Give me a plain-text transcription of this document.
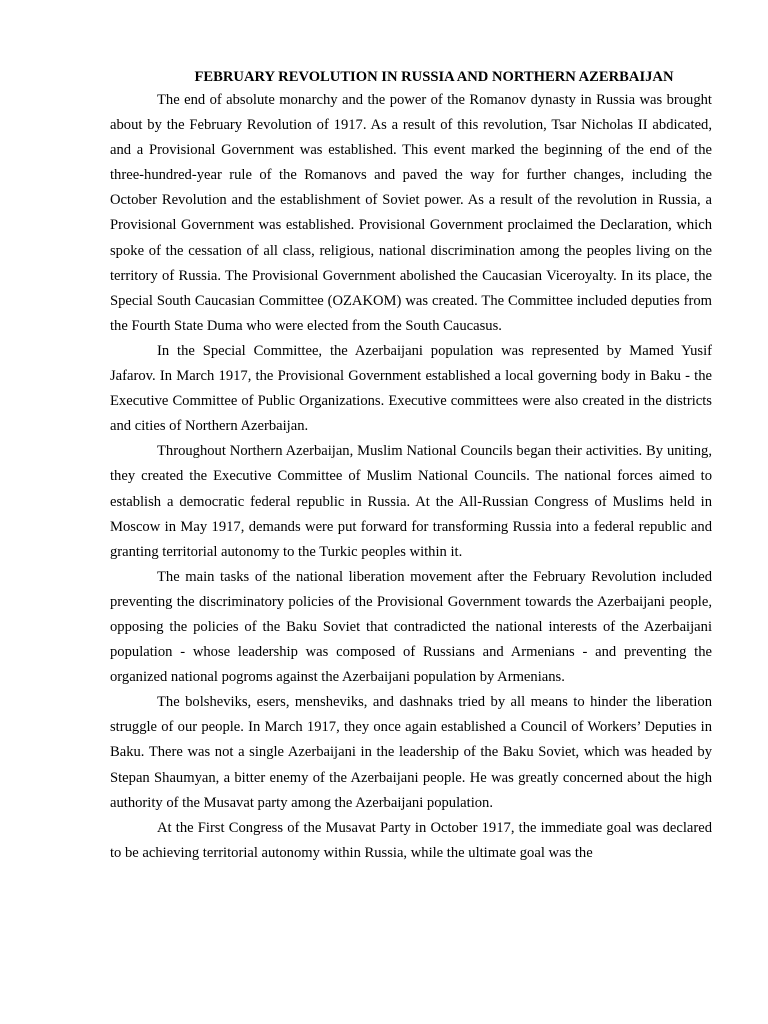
FEBRUARY REVOLUTION IN RUSSIA AND NORTHERN AZERBAIJAN

The end of absolute monarchy and the power of the Romanov dynasty in Russia was brought about by the February Revolution of 1917. As a result of this revolution, Tsar Nicholas II abdicated, and a Provisional Government was established. This event marked the beginning of the end of the three-hundred-year rule of the Romanovs and paved the way for further changes, including the October Revolution and the establishment of Soviet power. As a result of the revolution in Russia, a Provisional Government was established. Provisional Government proclaimed the Declaration, which spoke of the cessation of all class, religious, national discrimination among the peoples living on the territory of Russia. The Provisional Government abolished the Caucasian Viceroyalty. In its place, the Special South Caucasian Committee (OZAKOM) was created. The Committee included deputies from the Fourth State Duma who were elected from the South Caucasus.

In the Special Committee, the Azerbaijani population was represented by Mamed Yusif Jafarov. In March 1917, the Provisional Government established a local governing body in Baku - the Executive Committee of Public Organizations. Executive committees were also created in the districts and cities of Northern Azerbaijan.

Throughout Northern Azerbaijan, Muslim National Councils began their activities. By uniting, they created the Executive Committee of Muslim National Councils. The national forces aimed to establish a democratic federal republic in Russia. At the All-Russian Congress of Muslims held in Moscow in May 1917, demands were put forward for transforming Russia into a federal republic and granting territorial autonomy to the Turkic peoples within it.

The main tasks of the national liberation movement after the February Revolution included preventing the discriminatory policies of the Provisional Government towards the Azerbaijani people, opposing the policies of the Baku Soviet that contradicted the national interests of the Azerbaijani population - whose leadership was composed of Russians and Armenians - and preventing the organized national pogroms against the Azerbaijani population by Armenians.

The bolsheviks, esers, mensheviks, and dashnaks tried by all means to hinder the liberation struggle of our people. In March 1917, they once again established a Council of Workers’ Deputies in Baku. There was not a single Azerbaijani in the leadership of the Baku Soviet, which was headed by Stepan Shaumyan, a bitter enemy of the Azerbaijani people. He was greatly concerned about the high authority of the Musavat party among the Azerbaijani population.

At the First Congress of the Musavat Party in October 1917, the immediate goal was declared to be achieving territorial autonomy within Russia, while the ultimate goal was the
